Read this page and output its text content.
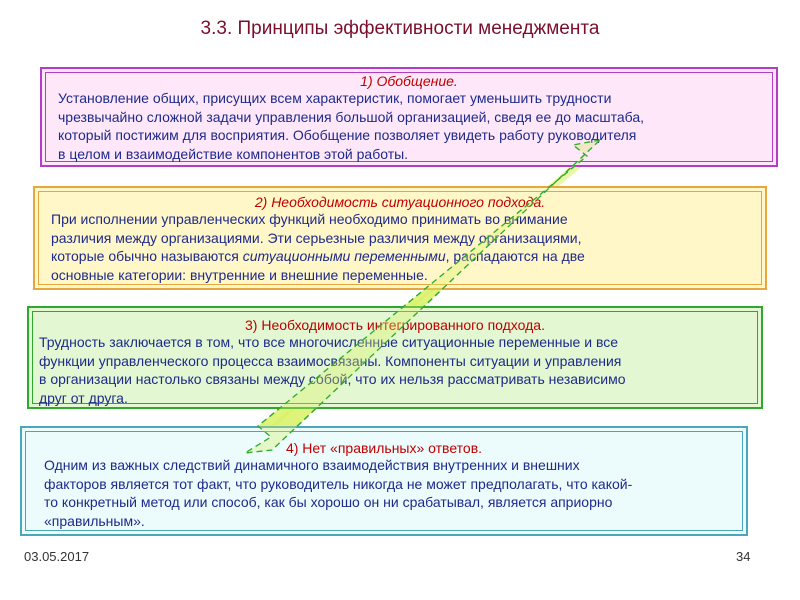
3.3. Принципы эффективности менеджмента
1) Обобщение.

Установление общих, присущих всем характеристик, помогает уменьшить трудности

чрезвычайно сложной задачи управления большой организацией, сведя ее до масштаба,

который постижим для восприятия. Обобщение позволяет увидеть работу руководителя

в целом и взаимодействие компонентов этой работы.

2) Необходимость ситуационного подхода.

При исполнении управленческих функций необходимо принимать во внимание

различия между организациями. Эти серьезные различия между организациями,

которые обычно называются ситуационными переменными, распадаются на две

основные категории: внутренние и внешние переменные.

3) Необходимость интегрированного подхода.

Трудность заключается в том, что все многочисленные ситуационные переменные и все

функции управленческого процесса взаимосвязаны. Компоненты ситуации и управления

в организации настолько связаны между собой, что их нельзя рассматривать независимо

друг от друга.

4) Нет «правильных» ответов.

Одним из важных следствий динамичного взаимодействия внутренних и внешних

факторов является тот факт, что руководитель никогда не может предполагать, что какой-

то конкретный метод или способ, как бы хорошо он ни срабатывал, является априорно

«правильным».

03.05.2017	34
